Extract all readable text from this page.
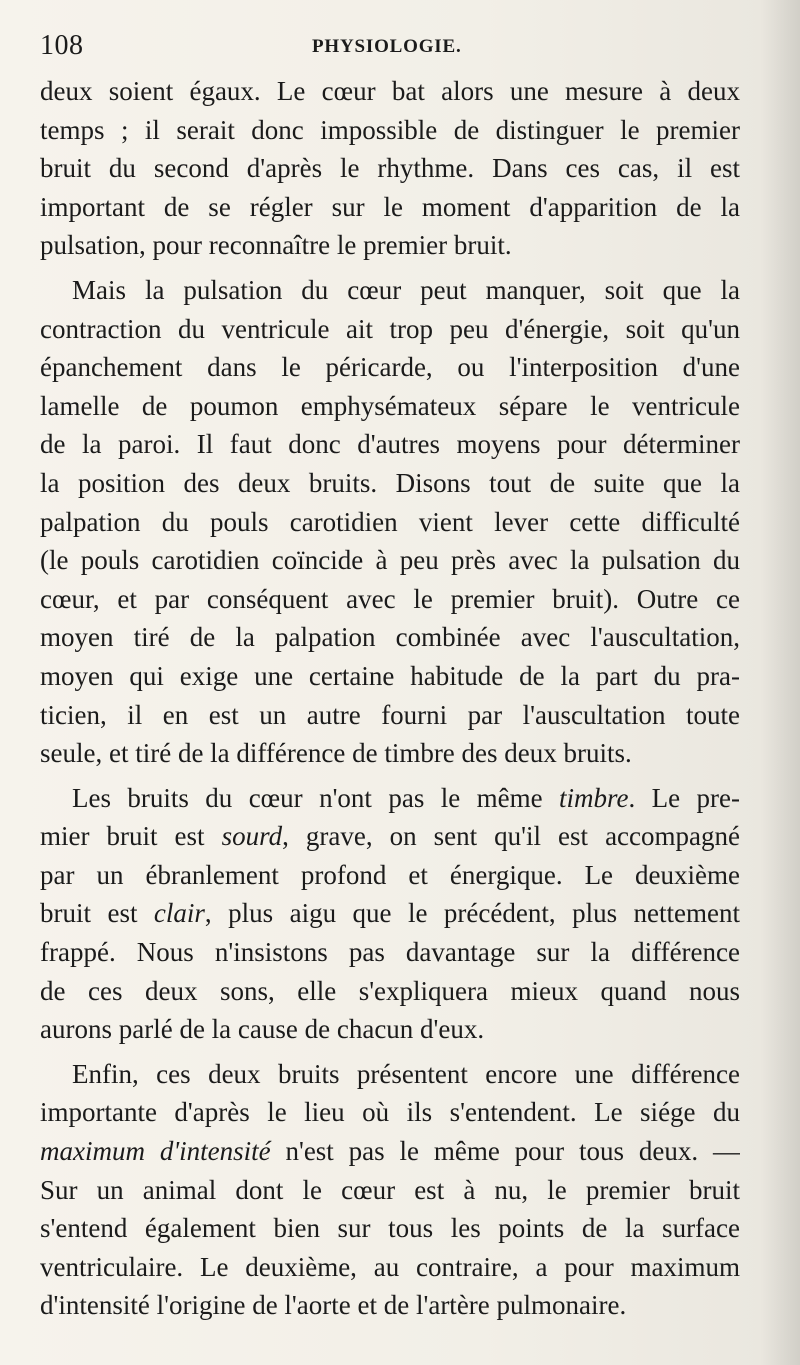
108	PHYSIOLOGIE.
deux soient égaux. Le cœur bat alors une mesure à deux
temps ; il serait donc impossible de distinguer le premier
bruit du second d'après le rhythme. Dans ces cas, il est
important de se régler sur le moment d'apparition de la
pulsation, pour reconnaître le premier bruit.
Mais la pulsation du cœur peut manquer, soit que la
contraction du ventricule ait trop peu d'énergie, soit qu'un
épanchement dans le péricarde, ou l'interposition d'une
lamelle de poumon emphysémateux sépare le ventricule
de la paroi. Il faut donc d'autres moyens pour déterminer
la position des deux bruits. Disons tout de suite que la
palpation du pouls carotidien vient lever cette difficulté
(le pouls carotidien coïncide à peu près avec la pulsation du
cœur, et par conséquent avec le premier bruit). Outre ce
moyen tiré de la palpation combinée avec l'auscultation,
moyen qui exige une certaine habitude de la part du pra-
ticien, il en est un autre fourni par l'auscultation toute
seule, et tiré de la différence de timbre des deux bruits.
Les bruits du cœur n'ont pas le même timbre. Le pre-
mier bruit est sourd, grave, on sent qu'il est accompagné
par un ébranlement profond et énergique. Le deuxième
bruit est clair, plus aigu que le précédent, plus nettement
frappé. Nous n'insistons pas davantage sur la différence
de ces deux sons, elle s'expliquera mieux quand nous
aurons parlé de la cause de chacun d'eux.
Enfin, ces deux bruits présentent encore une différence
importante d'après le lieu où ils s'entendent. Le siége du
maximum d'intensité n'est pas le même pour tous deux. —
Sur un animal dont le cœur est à nu, le premier bruit
s'entend également bien sur tous les points de la surface
ventriculaire. Le deuxième, au contraire, a pour maximum
d'intensité l'origine de l'aorte et de l'artère pulmonaire.
